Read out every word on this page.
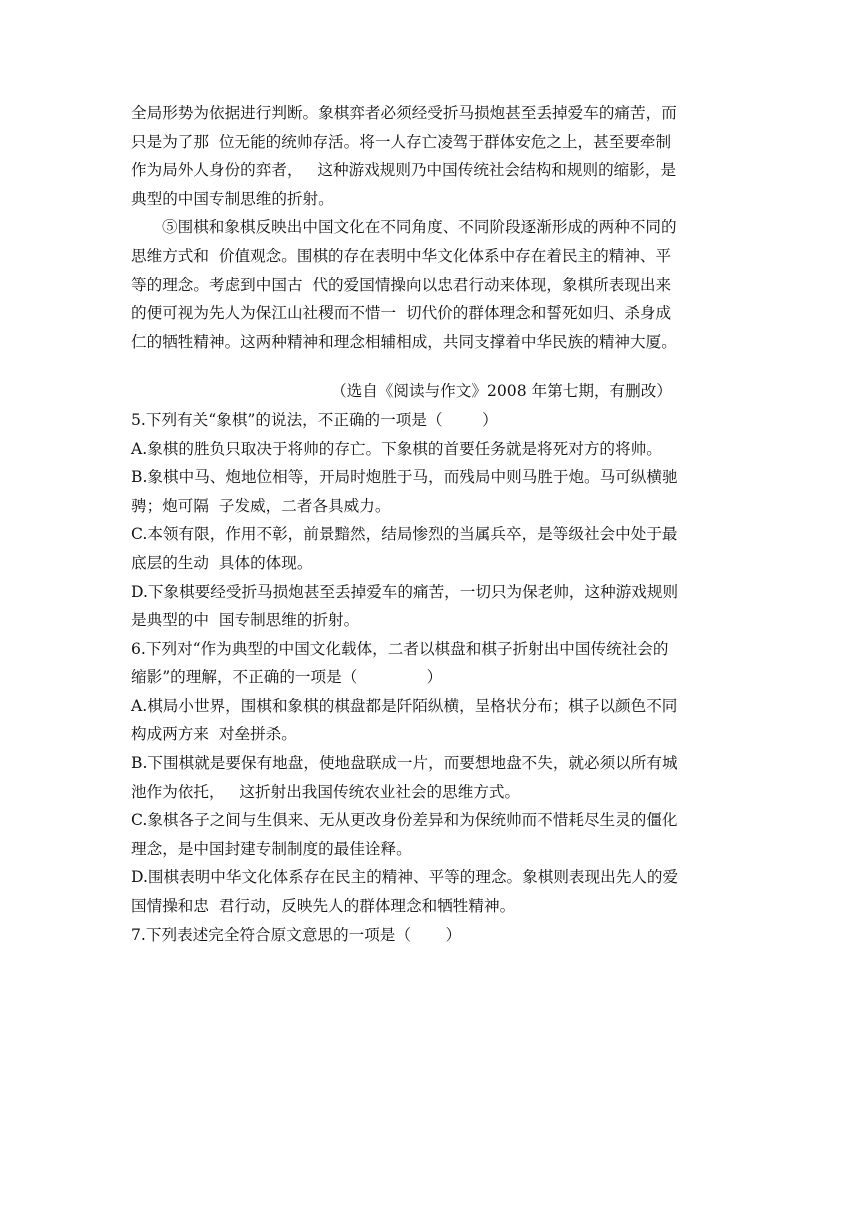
全局形势为依据进行判断。象棋弈者必须经受折马损炮甚至丢掉爱车的痛苦，而
只是为了那  位无能的统帅存活。将一人存亡凌驾于群体安危之上，甚至要牵制
作为局外人身份的弈者，   这种游戏规则乃中国传统社会结构和规则的缩影，是
典型的中国专制思维的折射。
⑤围棋和象棋反映出中国文化在不同角度、不同阶段逐渐形成的两种不同的
思维方式和  价值观念。围棋的存在表明中华文化体系中存在着民主的精神、平
等的理念。考虑到中国古  代的爱国情操向以忠君行动来体现，象棋所表现出来
的便可视为先人为保江山社稷而不惜一  切代价的群体理念和誓死如归、杀身成
仁的牺牲精神。这两种精神和理念相辅相成，共同支撑着中华民族的精神大厦。
（选自《阅读与作文》2008 年第七期，有删改）
5.下列有关“象棋”的说法，不正确的一项是（        ）
A.象棋的胜负只取决于将帅的存亡。下象棋的首要任务就是将死对方的将帅。
B.象棋中马、炮地位相等，开局时炮胜于马，而残局中则马胜于炮。马可纵横驰
骋；炮可隔  子发威，二者各具威力。
C.本领有限，作用不彰，前景黯然，结局惨烈的当属兵卒，是等级社会中处于最
底层的生动  具体的体现。
D.下象棋要经受折马损炮甚至丢掉爱车的痛苦，一切只为保老帅，这种游戏规则
是典型的中  国专制思维的折射。
6.下列对“作为典型的中国文化载体，二者以棋盘和棋子折射出中国传统社会的
缩影”的理解，不正确的一项是（              ）
A.棋局小世界，围棋和象棋的棋盘都是阡陌纵横，呈格状分布；棋子以颜色不同
构成两方来  对垒拼杀。
B.下围棋就是要保有地盘，使地盘联成一片，而要想地盘不失，就必须以所有城
池作为依托，   这折射出我国传统农业社会的思维方式。
C.象棋各子之间与生俱来、无从更改身份差异和为保统帅而不惜耗尽生灵的僵化
理念，是中国封建专制制度的最佳诠释。
D.围棋表明中华文化体系存在民主的精神、平等的理念。象棋则表现出先人的爱
国情操和忠  君行动，反映先人的群体理念和牺牲精神。
7.下列表述完全符合原文意思的一项是（       ）
